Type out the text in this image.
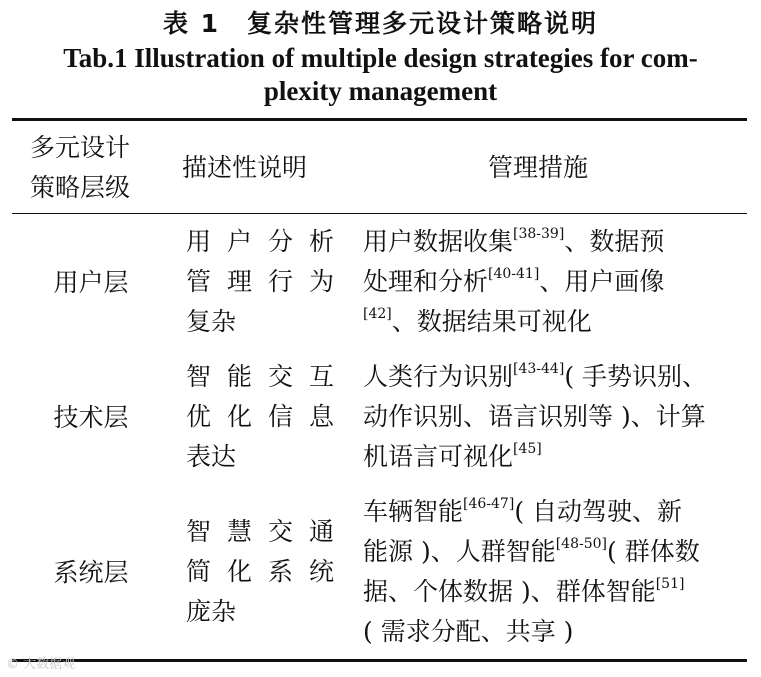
表 1　复杂性管理多元设计策略说明
Tab.1 Illustration of multiple design strategies for com- plexity management
多元设计
策略层级
描述性说明	管理措施
用户层
用户分析
管理行为
复杂
用户数据收集[38-39]、数据预
处理和分析[40-41]、用户画像
[42]、数据结果可视化
技术层
智能交互
优化信息
表达
人类行为识别[43-44]( 手势识别、
动作识别、语言识别等 )、计算
机语言可视化[45]
系统层
智慧交通
简化系统
庞杂
车辆智能[46-47]( 自动驾驶、新
能源 )、人群智能[48-50]( 群体数
据、个体数据 )、群体智能[51]
( 需求分配、共享 )
© 大数据观
